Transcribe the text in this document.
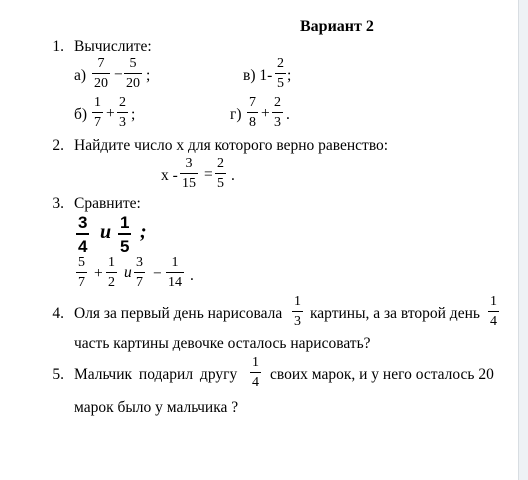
Вариант 2
1. Вычислите:
а)
7
20
−
5
20 ;	в) 1-
2
5 ;
б)
1
7
+
2
3 ;	г)
7
8
+
2
3 .
2. Найдите число х для которого верно равенство:
х -
3
15
=
2
5 .
3. Сравните:
3
4
и 1
5
;
5
7
+
1
2
и
3
7
−
1
14 .
4. Оля за первый день нарисовала
1
3 картины, а за второй день
1
4
часть картины девочке осталось нарисовать?
5. Мальчик подарил другу
1
4 своих марок, и у него осталось 20
марок было у мальчика ?
